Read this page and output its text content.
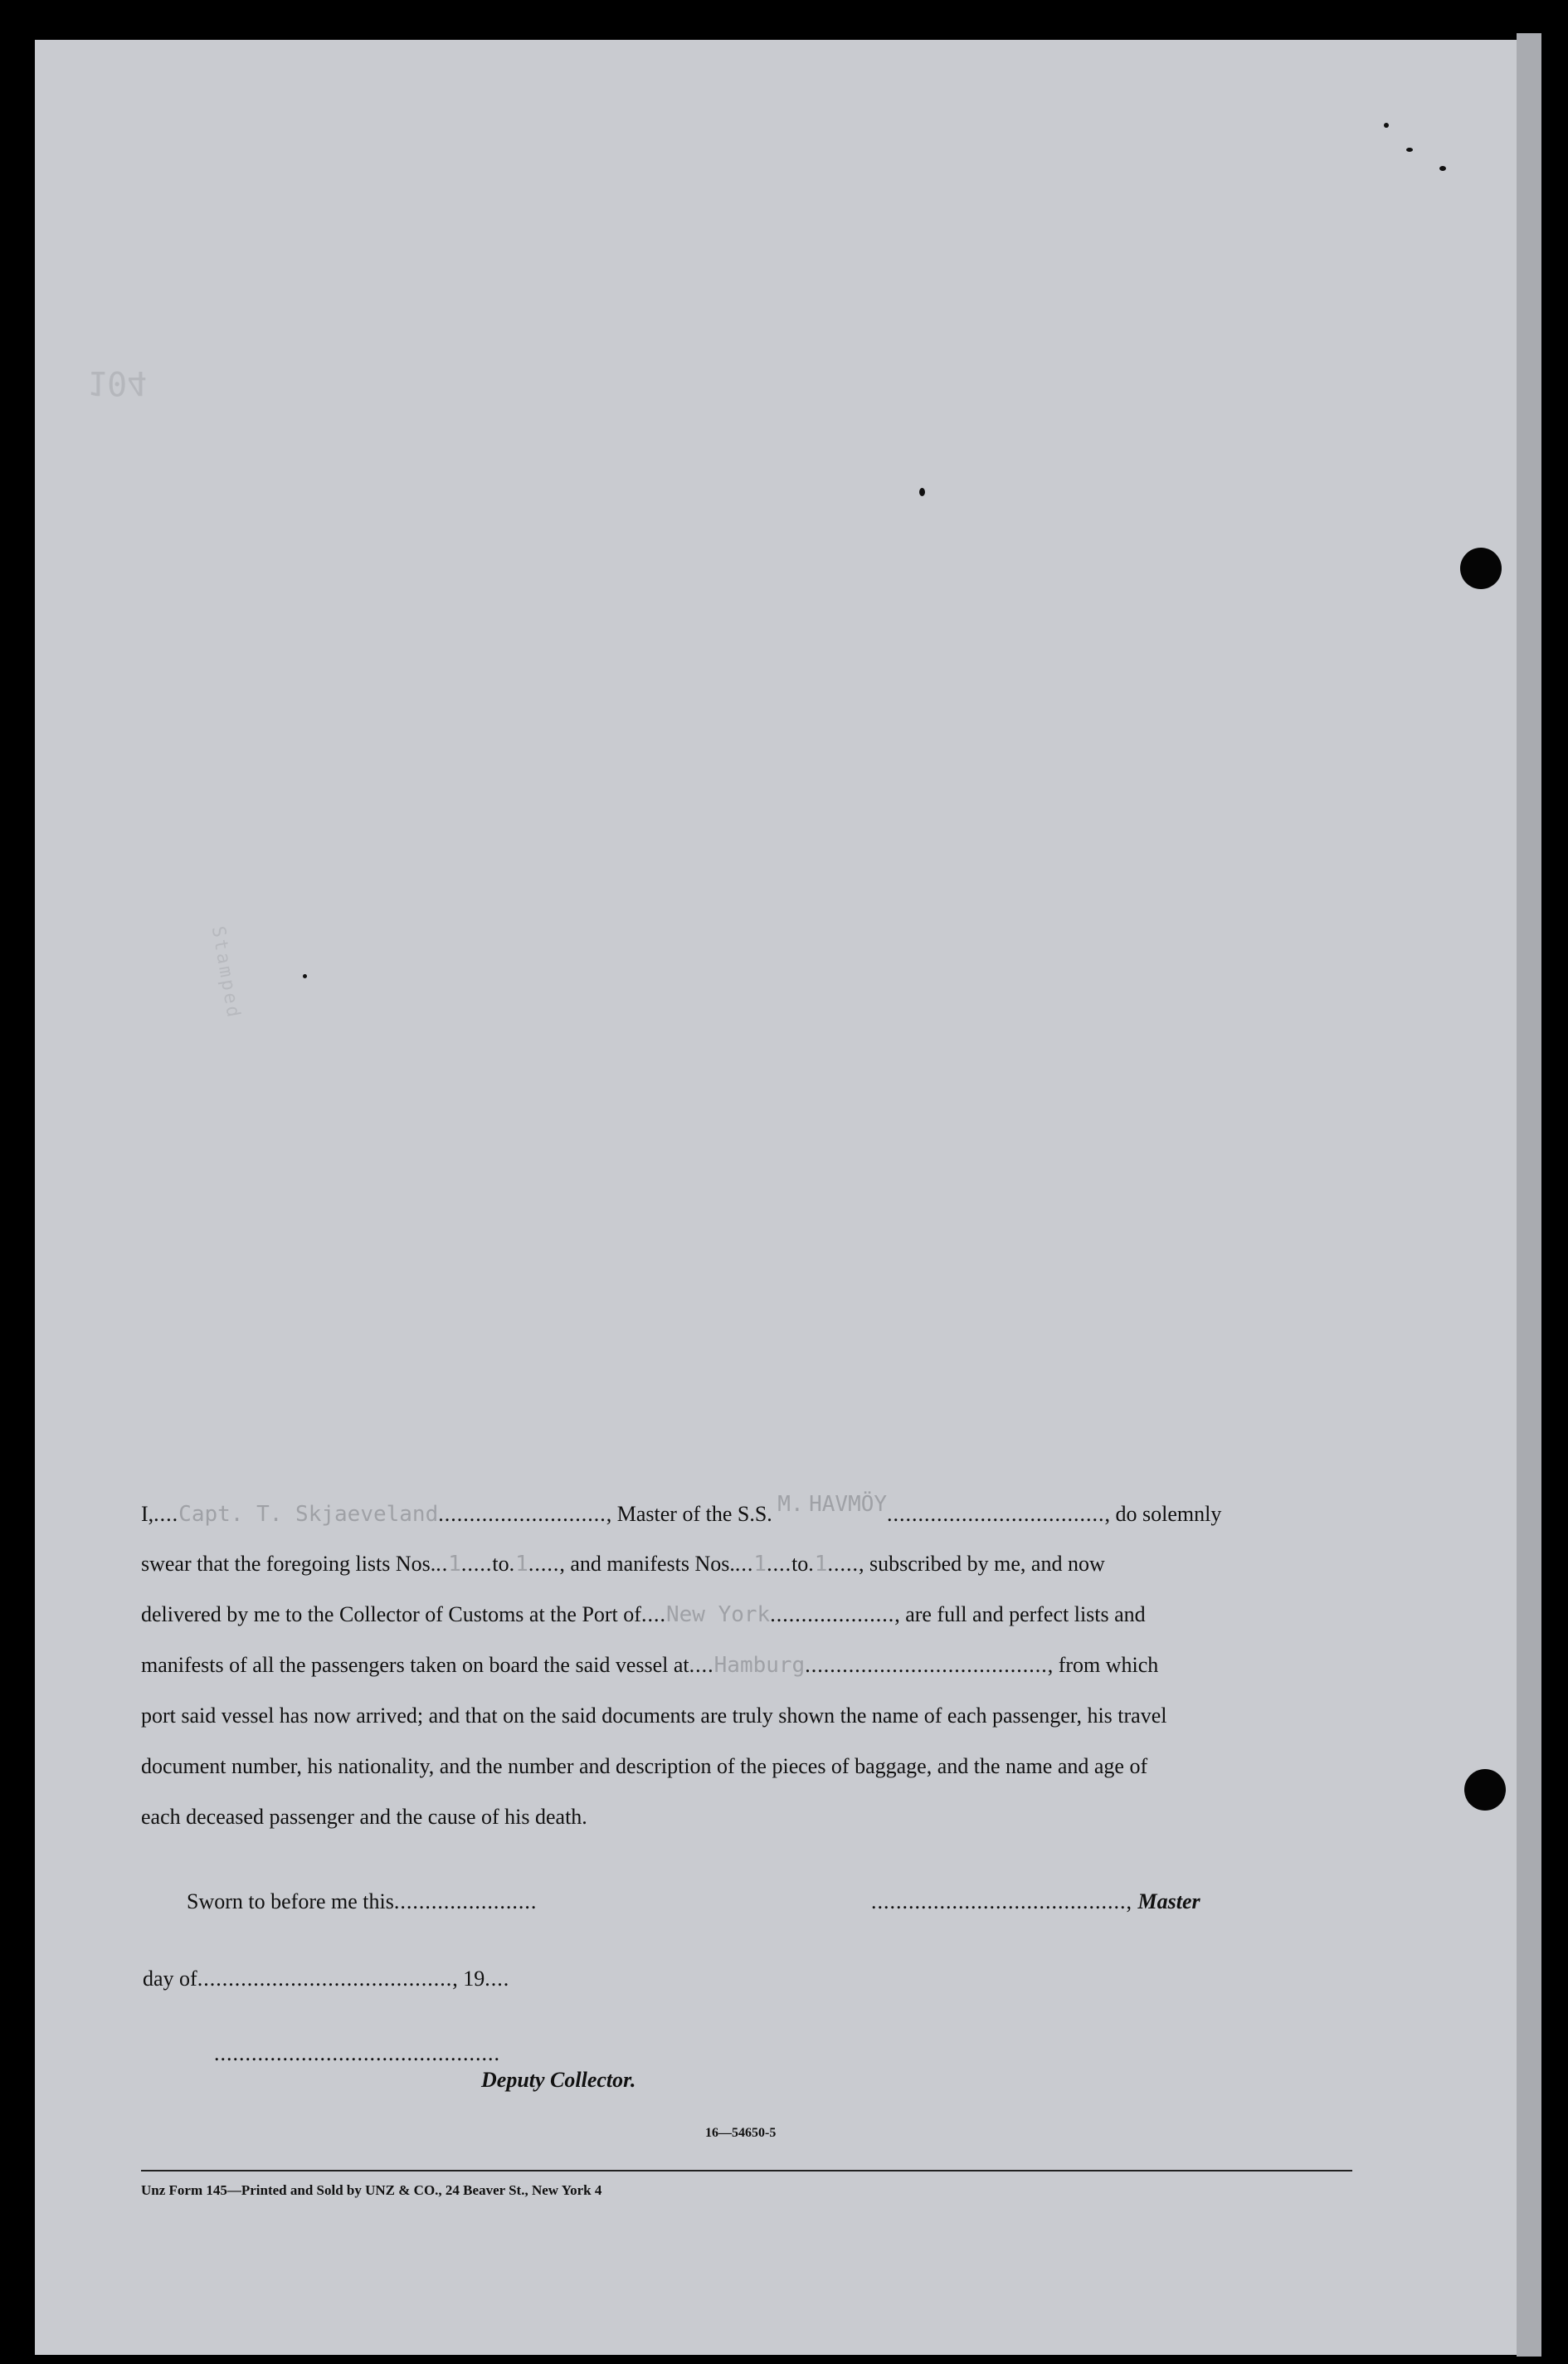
104
Stamped
I,....Capt. T. Skjaeveland..........................., Master of the S.S. M. HAVMÖY..................................., do solemnly
swear that the foregoing lists Nos...1.....to.1....., and manifests Nos....1....to.1....., subscribed by me, and now
delivered by me to the Collector of Customs at the Port of....New York...................., are full and perfect lists and
manifests of all the passengers taken on board the said vessel at....Hamburg......................................., from which
port said vessel has now arrived; and that on the said documents are truly shown the name of each passenger, his travel
document number, his nationality, and the number and description of the pieces of baggage, and the name and age of
each deceased passenger and the cause of his death.
Sworn to before me this.......................	........................................., Master
day of........................................., 19....
..............................................
Deputy Collector.
16—54650-5
Unz Form 145—Printed and Sold by UNZ & CO., 24 Beaver St., New York 4
